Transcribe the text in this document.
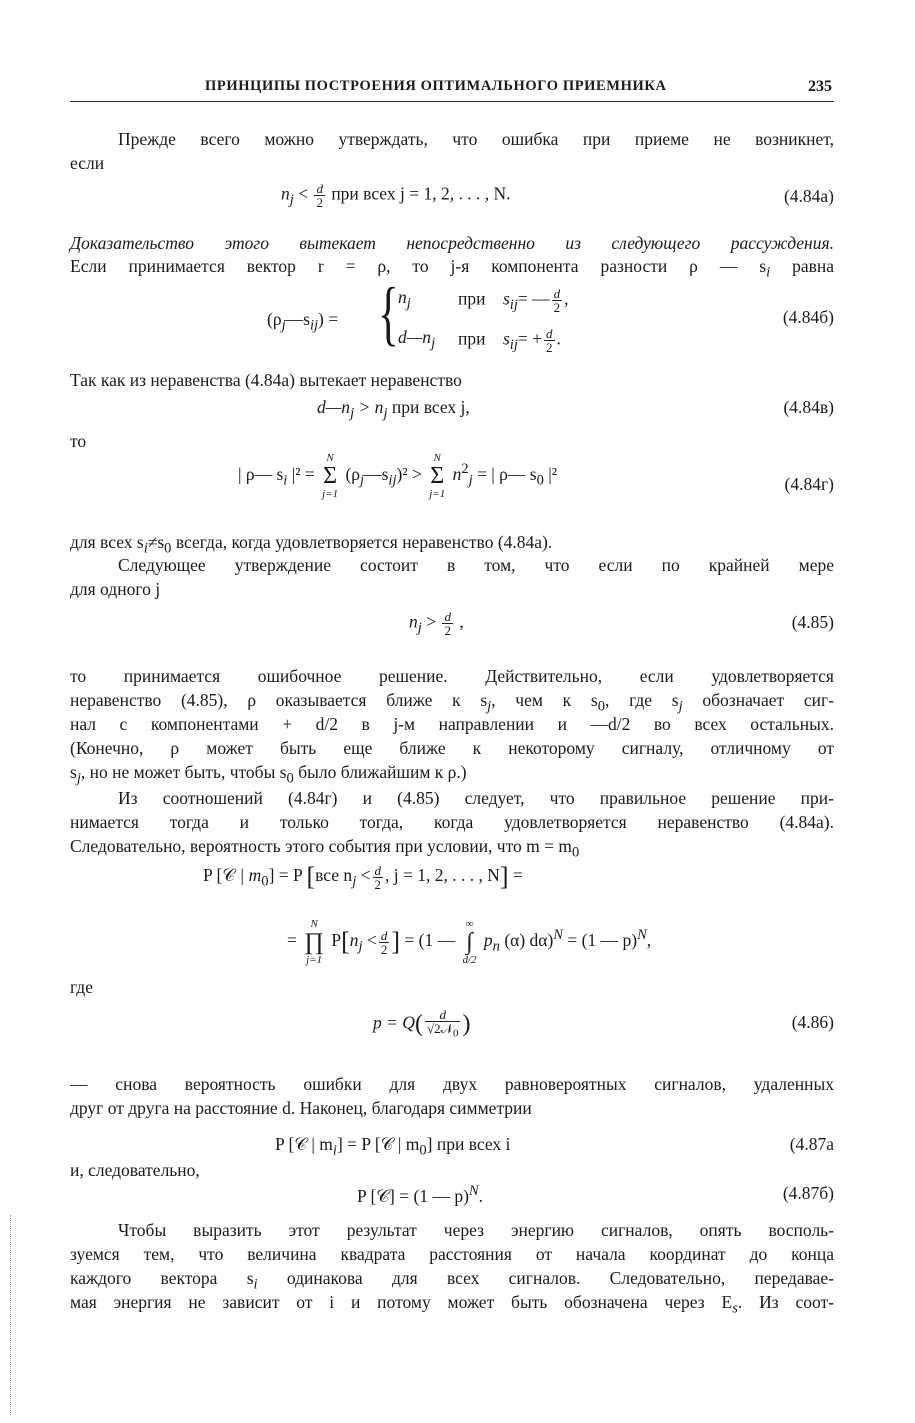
ПРИНЦИПЫ ПОСТРОЕНИЯ ОПТИМАЛЬНОГО ПРИЕМНИКА	235
Прежде всего можно утверждать, что ошибка при приеме не возникнет,
если
$n_j < \frac{d}{2}$ при всех j = 1, 2, . . . , N.	(4.84а)
Доказательство этого вытекает непосредственно из следующего рассуждения.
Если принимается вектор r = ρ, то j-я компонента разности ρ — $s_i$ равна
$(\rho_j—s_{ij})$ = { $n_j$	при $s_{ij}=$ — $\frac{d}{2}$ ,
$d—n_j$ при $s_{ij}= + \frac{d}{2}$ .
(4.84б)
Так как из неравенства (4.84а) вытекает неравенство
$d—n_j > n_j$ при всех j,	(4.84в)
то
| ρ— $s_i$ |² =
N
Σ
j=1
$(\rho_j—s_{ij})^2$ >
N
Σ
j=1
$n^2_j$ = | ρ— $s_0$ |²	(4.84г)
для всех $s_i\ne s_0$ всегда, когда удовлетворяется неравенство (4.84а).
Следующее утверждение состоит в том, что если по крайней мере
для одного j
$n_j > \frac{d}{2}$ ,	(4.85)
то принимается ошибочное решение. Действительно, если удовлетворяется
неравенство (4.85), ρ оказывается ближе к $s_j$, чем к $s_0$, где $s_j$ обозначает сиг-
нал с компонентами + d/2 в j-м направлении и —d/2 во всех остальных.
(Конечно, ρ может быть еще ближе к некоторому сигналу, отличному от
$s_j$, но не может быть, чтобы $s_0$ было ближайшим к ρ.)
Из соотношений (4.84г) и (4.85) следует, что правильное решение при-
нимается тогда и только тогда, когда удовлетворяется неравенство (4.84а).
Следовательно, вероятность этого события при условии, что $m = m_0$
P [𝒞 | $m_0] = P$ [все $n_j < \frac{d}{2}$ , j = 1, 2, . . . , N] =
=
N
∏
j=1
$P[n_j < \frac{d}{2}$ ] = (1 —
∞
∫
d/2
$p_n$ (α) dα)$^N$ = (1 — p)$^N$,
где
$p = Q( \frac{d}{√2𝒩_0}$ )	(4.86)
— снова вероятность ошибки для двух равновероятных сигналов, удаленных
друг от друга на расстояние d. Наконец, благодаря симметрии
P [𝒞 | $m_i] = P$ [𝒞 | $m_0$] при всех i	(4.87а
и, следовательно,
P [𝒞] = (1 — p)$^N$.	(4.87б)
Чтобы выразить этот результат через энергию сигналов, опять восполь-
зуемся тем, что величина квадрата расстояния от начала координат до конца
каждого вектора $s_i$ одинакова для всех сигналов. Следовательно, передавае-
мая энергия не зависит от i и потому может быть обозначена через $E_s$. Из соот-
